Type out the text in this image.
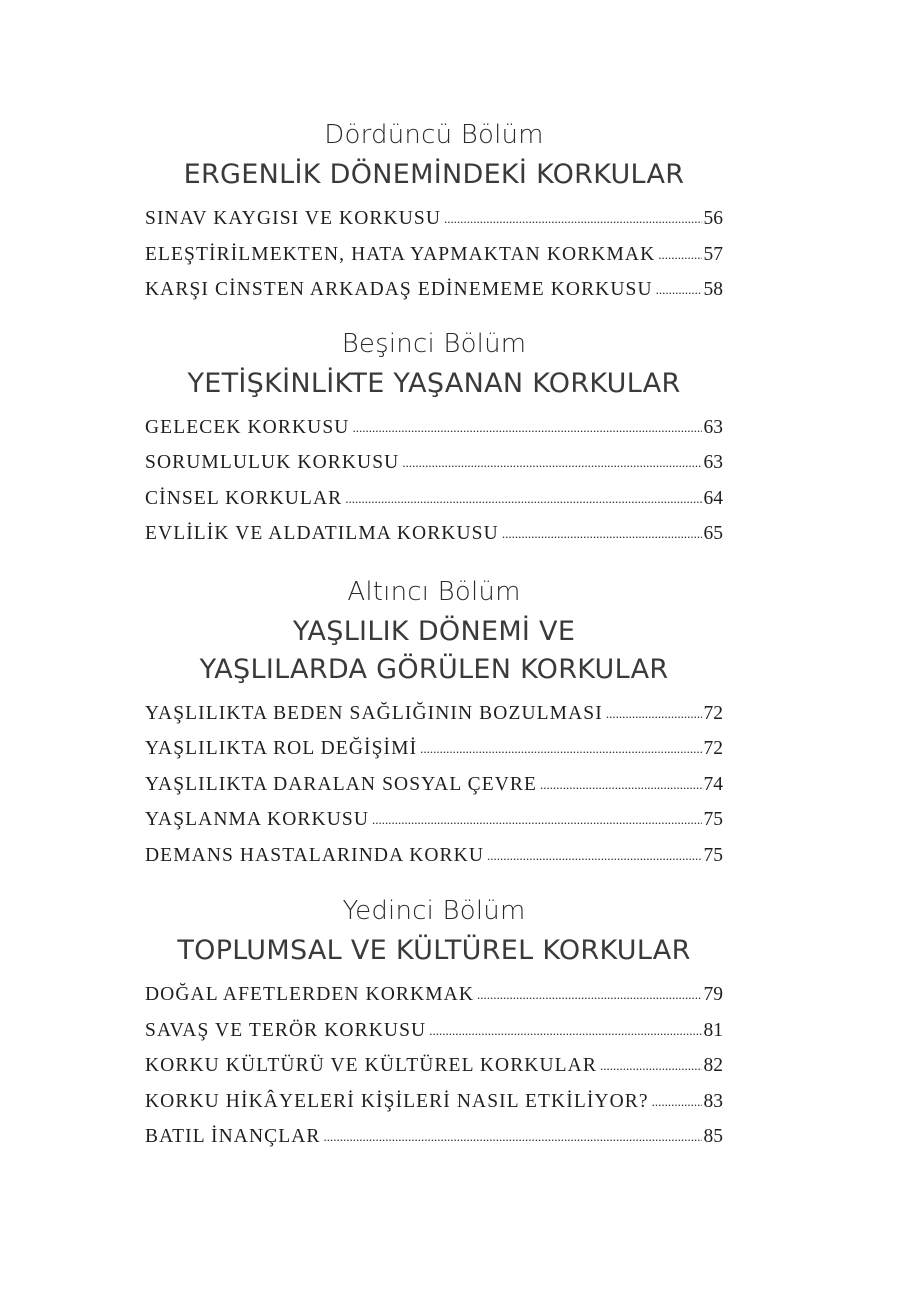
Dördüncü Bölüm
ERGENLİK DÖNEMİNDEKİ KORKULAR
SINAV KAYGISI VE KORKUSU .....	56
ELEŞTİRİLMEKTEN, HATA YAPMAKTAN KORKMAK ..... 57
KARŞI CİNSTEN ARKADAŞ EDİNEMEME KORKUSU .....	58
Beşinci Bölüm
YETİŞKİNLİKTE YAŞANAN KORKULAR
GELECEK KORKUSU .....	63
SORUMLULUK KORKUSU .....	63
CİNSEL KORKULAR .....	64
EVLİLİK VE ALDATILMA KORKUSU .....	65
Altıncı Bölüm
YAŞLILIK DÖNEMİ VE
YAŞLILARDA GÖRÜLEN KORKULAR
YAŞLILIKTA BEDEN SAĞLIĞININ BOZULMASI .....	72
YAŞLILIKTA ROL DEĞİŞİMİ .....	72
YAŞLILIKTA DARALAN SOSYAL ÇEVRE .....	74
YAŞLANMA KORKUSU .....	75
DEMANS HASTALARINDA KORKU .....	75
Yedinci Bölüm
TOPLUMSAL VE KÜLTÜREL KORKULAR
DOĞAL AFETLERDEN KORKMAK .....	79
SAVAŞ VE TERÖR KORKUSU .....	81
KORKU KÜLTÜRÜ VE KÜLTÜREL KORKULAR .....	82
KORKU HİKÂYELERİ KİŞİLERİ NASIL ETKİLİYOR? .....	83
BATIL İNANÇLAR .....	85
